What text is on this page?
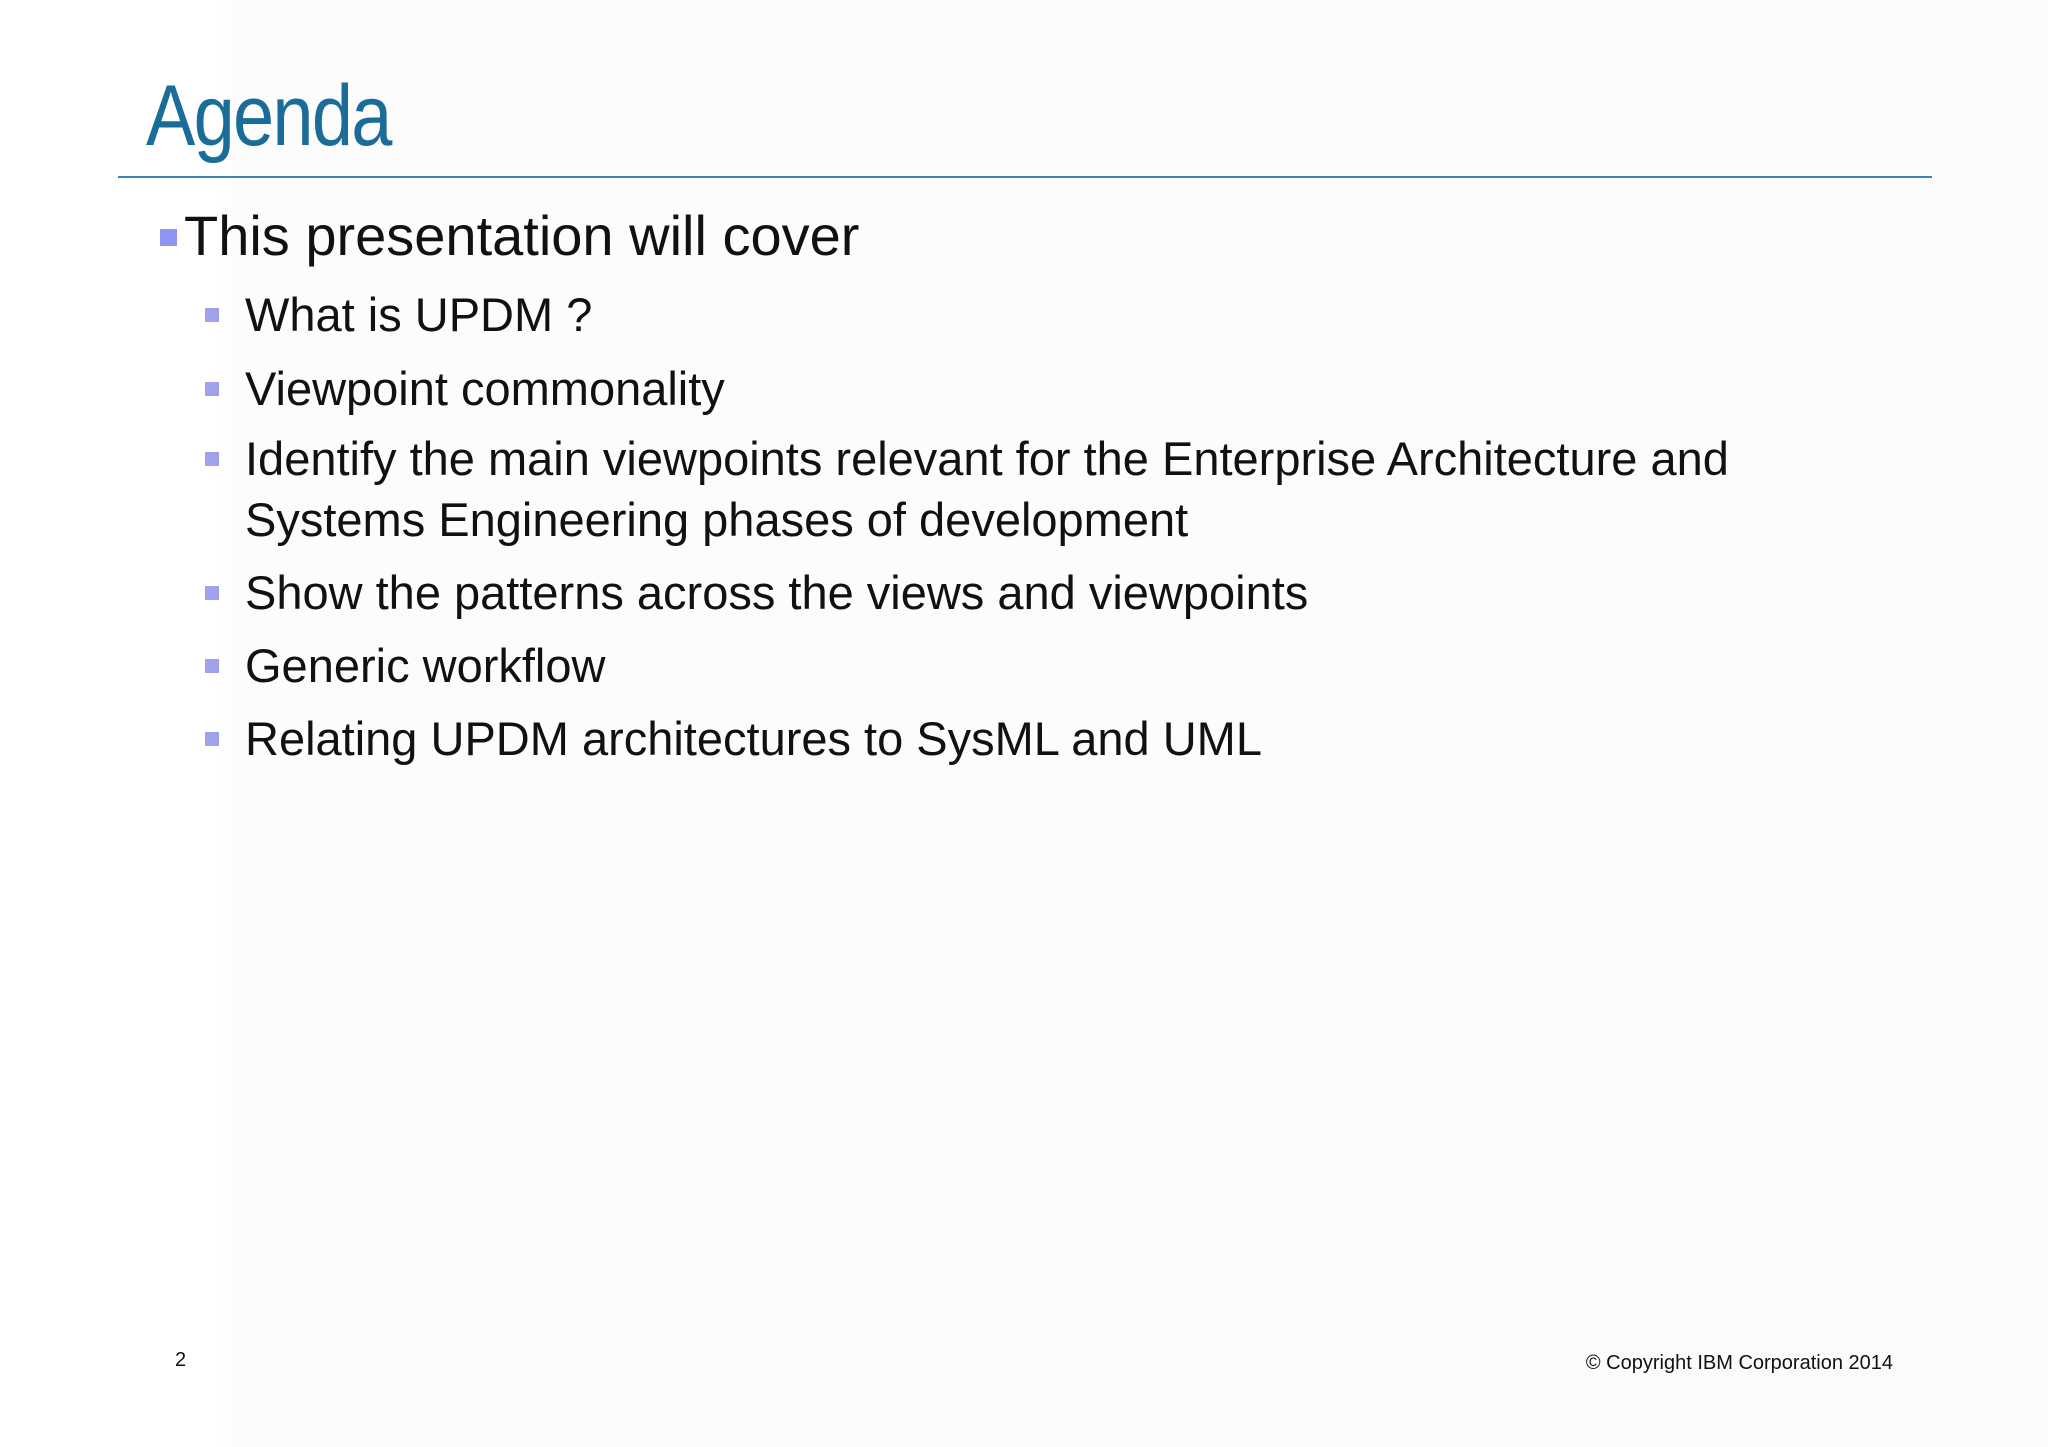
Agenda
This presentation will cover
What is UPDM ?
Viewpoint commonality
Identify the main viewpoints relevant for the Enterprise Architecture and Systems Engineering phases of development
Show the patterns across the views and viewpoints
Generic workflow
Relating UPDM architectures to SysML and UML
2	© Copyright IBM Corporation 2014
